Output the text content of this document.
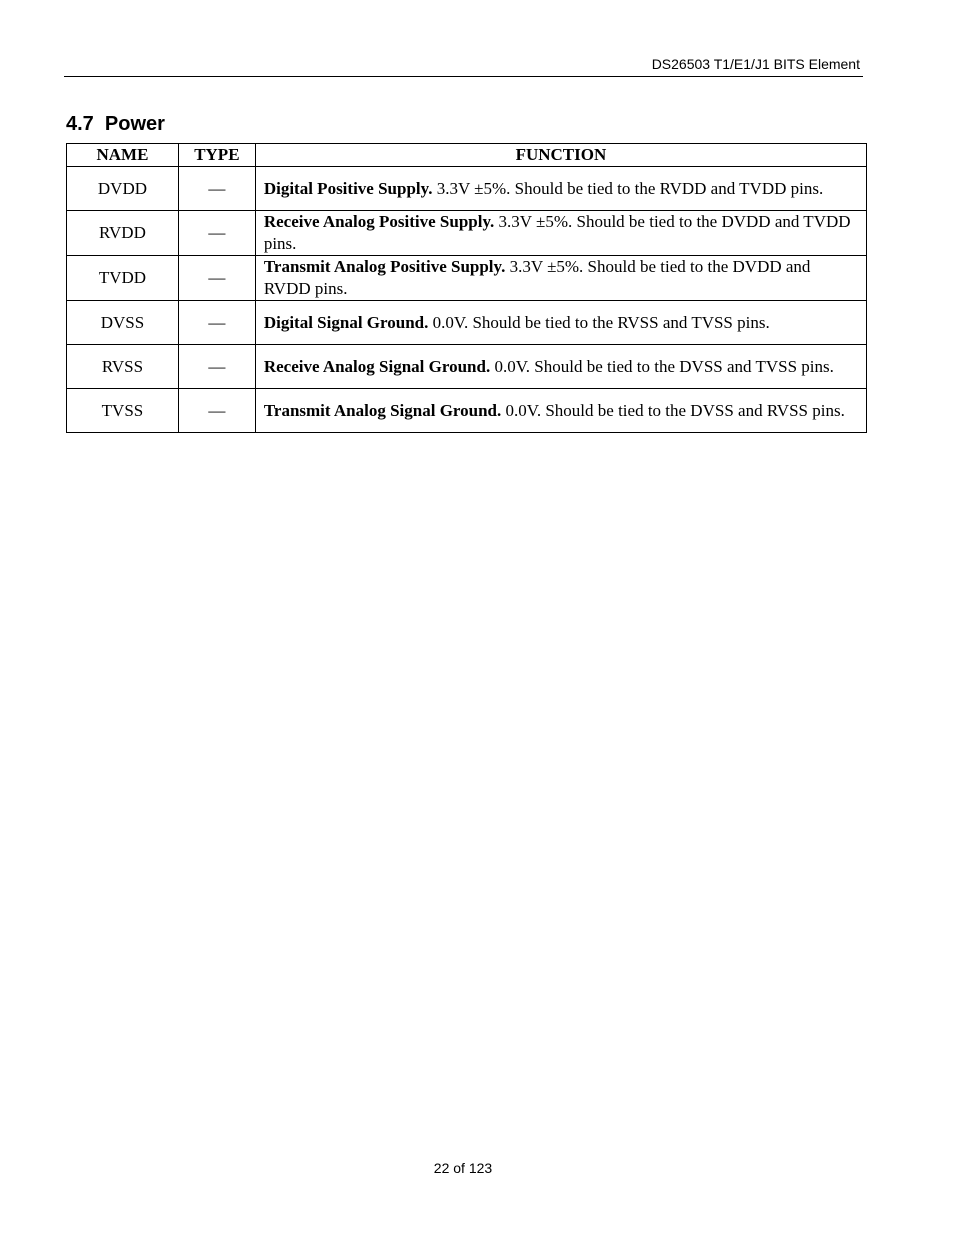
DS26503 T1/E1/J1 BITS Element
4.7  Power
NAME	TYPE	FUNCTION
DVDD	—	Digital Positive Supply. 3.3V ±5%. Should be tied to the RVDD and TVDD pins.
RVDD	—	Receive Analog Positive Supply. 3.3V ±5%. Should be tied to the DVDD and TVDD pins.
TVDD	—	Transmit Analog Positive Supply. 3.3V ±5%. Should be tied to the DVDD and RVDD pins.
DVSS	—	Digital Signal Ground. 0.0V. Should be tied to the RVSS and TVSS pins.
RVSS	—	Receive Analog Signal Ground. 0.0V. Should be tied to the DVSS and TVSS pins.
TVSS	—	Transmit Analog Signal Ground. 0.0V. Should be tied to the DVSS and RVSS pins.
22 of 123
